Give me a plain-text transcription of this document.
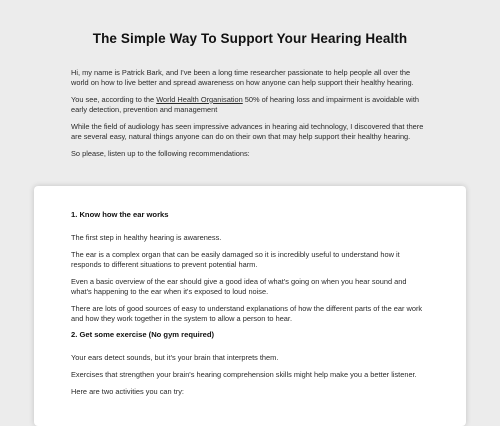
The Simple Way To Support Your Hearing Health

Hi, my name is Patrick Bark, and I've been a long time researcher passionate to help people all over the world on how to live better and spread awareness on how anyone can help support their healthy hearing.

You see, according to the World Health Organisation 50% of hearing loss and impairment is avoidable with early detection, prevention and management

While the field of audiology has seen impressive advances in hearing aid technology, I discovered that there are several easy, natural things anyone can do on their own that may help support their healthy hearing.

So please, listen up to the following recommendations:

1. Know how the ear works

The first step in healthy hearing is awareness.

The ear is a complex organ that can be easily damaged so it is incredibly useful to understand how it responds to different situations to prevent potential harm.

Even a basic overview of the ear should give a good idea of what's going on when you hear sound and what's happening to the ear when it's exposed to loud noise.

There are lots of good sources of easy to understand explanations of how the different parts of the ear work and how they work together in the system to allow a person to hear.

2. Get some exercise (No gym required)

Your ears detect sounds, but it's your brain that interprets them.

Exercises that strengthen your brain's hearing comprehension skills might help make you a better listener.

Here are two activities you can try:
